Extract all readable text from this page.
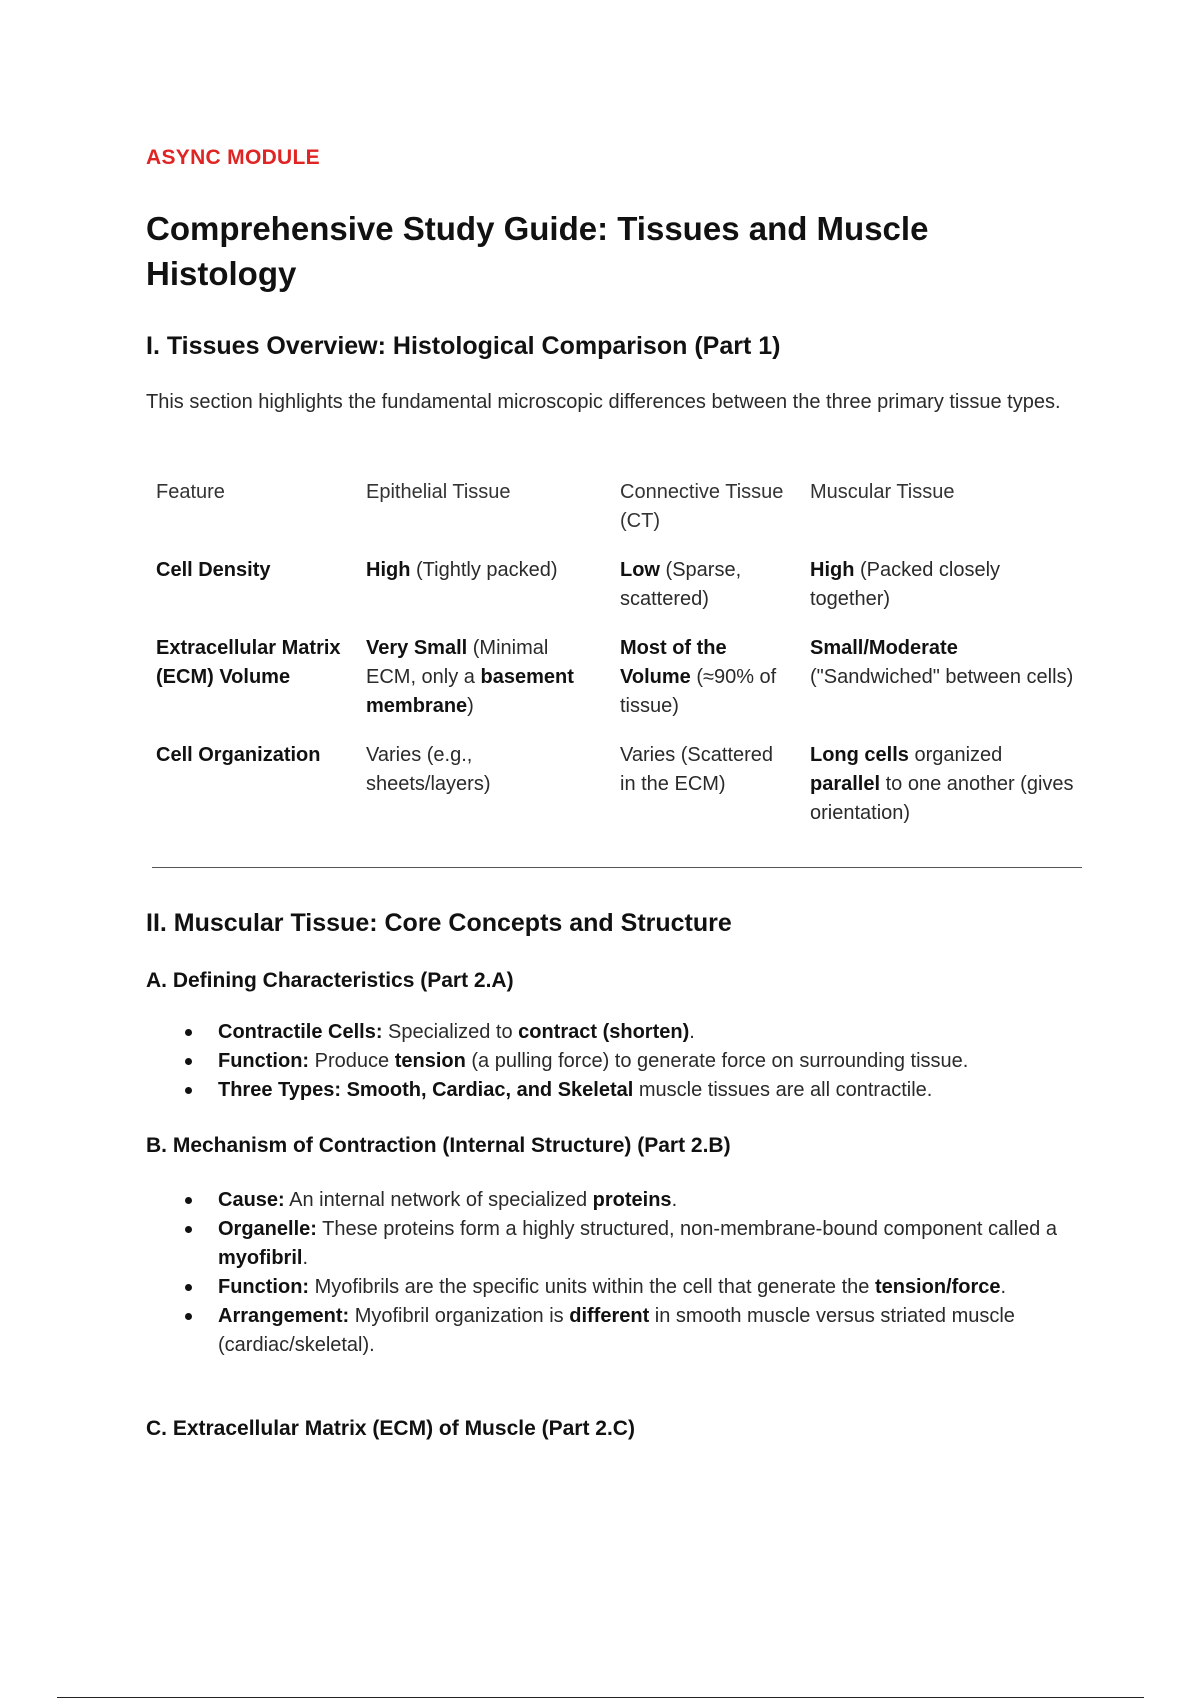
ASYNC MODULE

Comprehensive Study Guide: Tissues and Muscle Histology
I. Tissues Overview: Histological Comparison (Part 1)

This section highlights the fundamental microscopic differences between the three primary tissue types.

Feature	Epithelial Tissue	Connective Tissue (CT)	Muscular Tissue
Cell Density	High (Tightly packed)	Low (Sparse, scattered)	High (Packed closely together)
Extracellular Matrix (ECM) Volume	Very Small (Minimal ECM, only a basement membrane)	Most of the Volume (≈90% of tissue)	Small/Moderate ("Sandwiched" between cells)
Cell Organization	Varies (e.g., sheets/layers)	Varies (Scattered in the ECM)	Long cells organized parallel to one another (gives orientation)
II. Muscular Tissue: Core Concepts and Structure
A. Defining Characteristics (Part 2.A)
Contractile Cells: Specialized to contract (shorten).
Function: Produce tension (a pulling force) to generate force on surrounding tissue.
Three Types: Smooth, Cardiac, and Skeletal muscle tissues are all contractile.
B. Mechanism of Contraction (Internal Structure) (Part 2.B)
Cause: An internal network of specialized proteins.
Organelle: These proteins form a highly structured, non-membrane-bound component called a myofibril.
Function: Myofibrils are the specific units within the cell that generate the tension/force.
Arrangement: Myofibril organization is different in smooth muscle versus striated muscle (cardiac/skeletal).
C. Extracellular Matrix (ECM) of Muscle (Part 2.C)
